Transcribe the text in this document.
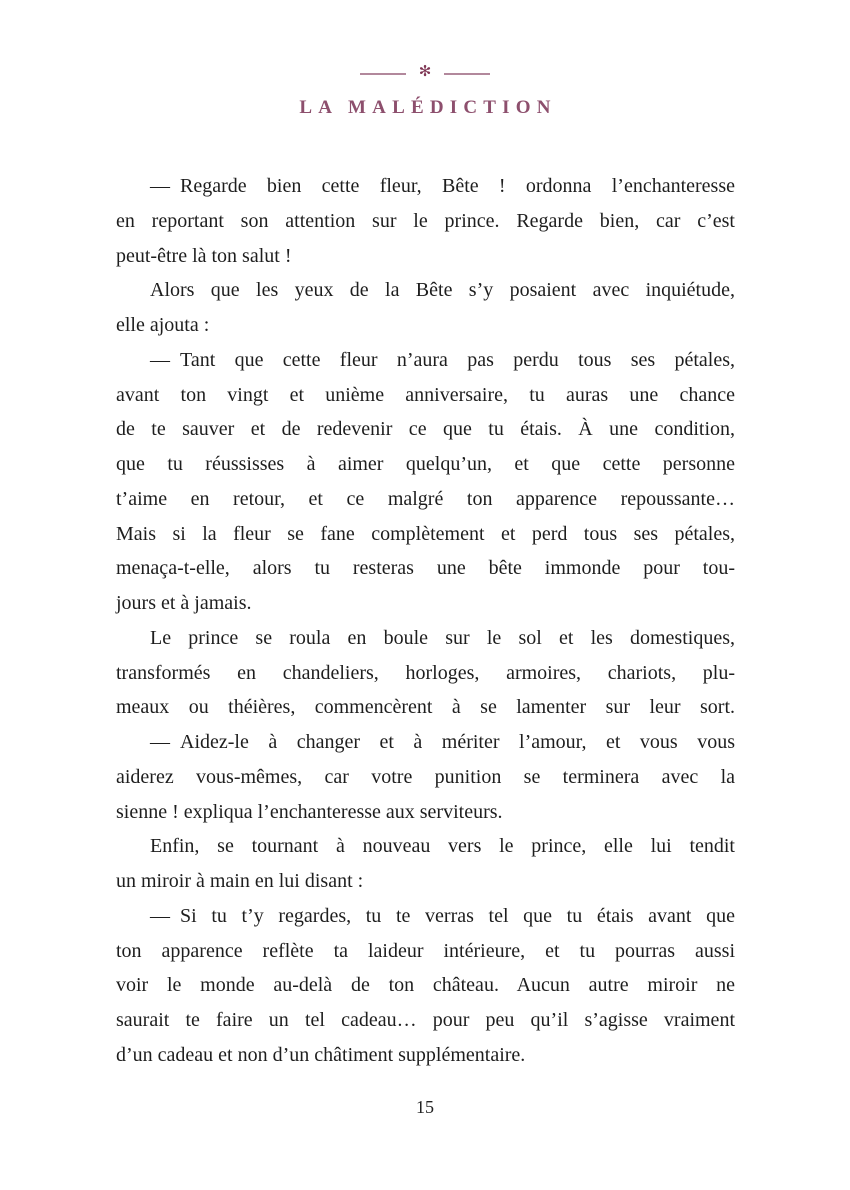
✻
LA MALÉDICTION

— Regarde bien cette fleur, Bête ! ordonna l’enchanteresse
en reportant son attention sur le prince. Regarde bien, car c’est
peut-être là ton salut !

Alors que les yeux de la Bête s’y posaient avec inquiétude,
elle ajouta :

— Tant que cette fleur n’aura pas perdu tous ses pétales,
avant ton vingt et unième anniversaire, tu auras une chance
de te sauver et de redevenir ce que tu étais. À une condition,
que tu réussisses à aimer quelqu’un, et que cette personne
t’aime en retour, et ce malgré ton apparence repoussante…
Mais si la fleur se fane complètement et perd tous ses pétales,
menaça-t-elle, alors tu resteras une bête immonde pour tou-
jours et à jamais.

Le prince se roula en boule sur le sol et les domestiques,
transformés en chandeliers, horloges, armoires, chariots, plu-
meaux ou théières, commencèrent à se lamenter sur leur sort.

— Aidez-le à changer et à mériter l’amour, et vous vous
aiderez vous-mêmes, car votre punition se terminera avec la
sienne ! expliqua l’enchanteresse aux serviteurs.

Enfin, se tournant à nouveau vers le prince, elle lui tendit
un miroir à main en lui disant :

— Si tu t’y regardes, tu te verras tel que tu étais avant que
ton apparence reflète ta laideur intérieure, et tu pourras aussi
voir le monde au-delà de ton château. Aucun autre miroir ne
saurait te faire un tel cadeau… pour peu qu’il s’agisse vraiment
d’un cadeau et non d’un châtiment supplémentaire.

15
